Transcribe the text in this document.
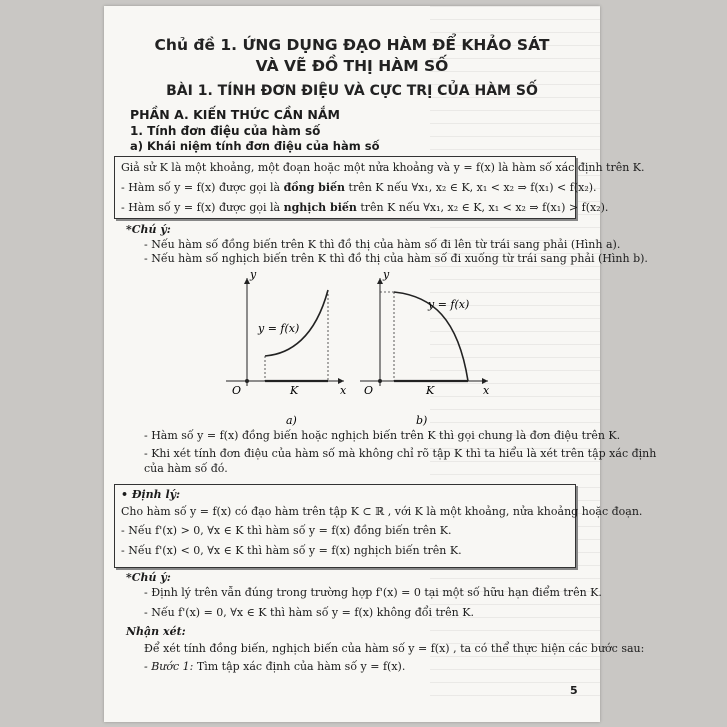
Chủ đề 1. ỨNG DỤNG ĐẠO HÀM ĐỂ KHẢO SÁT
VÀ VẼ ĐỒ THỊ HÀM SỐ
BÀI 1. TÍNH ĐƠN ĐIỆU VÀ CỰC TRỊ CỦA HÀM SỐ
PHẦN A. KIẾN THỨC CẦN NẮM
1. Tính đơn điệu của hàm số
a) Khái niệm tính đơn điệu của hàm số
Giả sử K là một khoảng, một đoạn hoặc một nửa khoảng và y = f(x) là hàm số xác định trên K.
- Hàm số y = f(x) được gọi là đồng biến trên K nếu ∀x₁, x₂ ∈ K, x₁ < x₂ ⇒ f(x₁) < f(x₂).
- Hàm số y = f(x) được gọi là nghịch biến trên K nếu ∀x₁, x₂ ∈ K, x₁ < x₂ ⇒ f(x₁) > f(x₂).
*Chú ý:
- Nếu hàm số đồng biến trên K thì đồ thị của hàm số đi lên từ trái sang phải (Hình a).
- Nếu hàm số nghịch biến trên K thì đồ thị của hàm số đi xuống từ trái sang phải (Hình b).
y
x
O	K
y = f(x)
a)
y
x
O	K
y = f(x)
b)
- Hàm số y = f(x) đồng biến hoặc nghịch biến trên K thì gọi chung là đơn điệu trên K.
- Khi xét tính đơn điệu của hàm số mà không chỉ rõ tập K thì ta hiểu là xét trên tập xác định
của hàm số đó.
• Định lý:
Cho hàm số y = f(x) có đạo hàm trên tập K ⊂ ℝ , với K là một khoảng, nửa khoảng hoặc đoạn.
- Nếu f'(x) > 0, ∀x ∈ K thì hàm số y = f(x) đồng biến trên K.
- Nếu f'(x) < 0, ∀x ∈ K thì hàm số y = f(x) nghịch biến trên K.
*Chú ý:
- Định lý trên vẫn đúng trong trường hợp f'(x) = 0 tại một số hữu hạn điểm trên K.
- Nếu f'(x) = 0, ∀x ∈ K thì hàm số y = f(x) không đổi trên K.
Nhận xét:
Để xét tính đồng biến, nghịch biến của hàm số y = f(x) , ta có thể thực hiện các bước sau:
- Bước 1: Tìm tập xác định của hàm số y = f(x).
5
